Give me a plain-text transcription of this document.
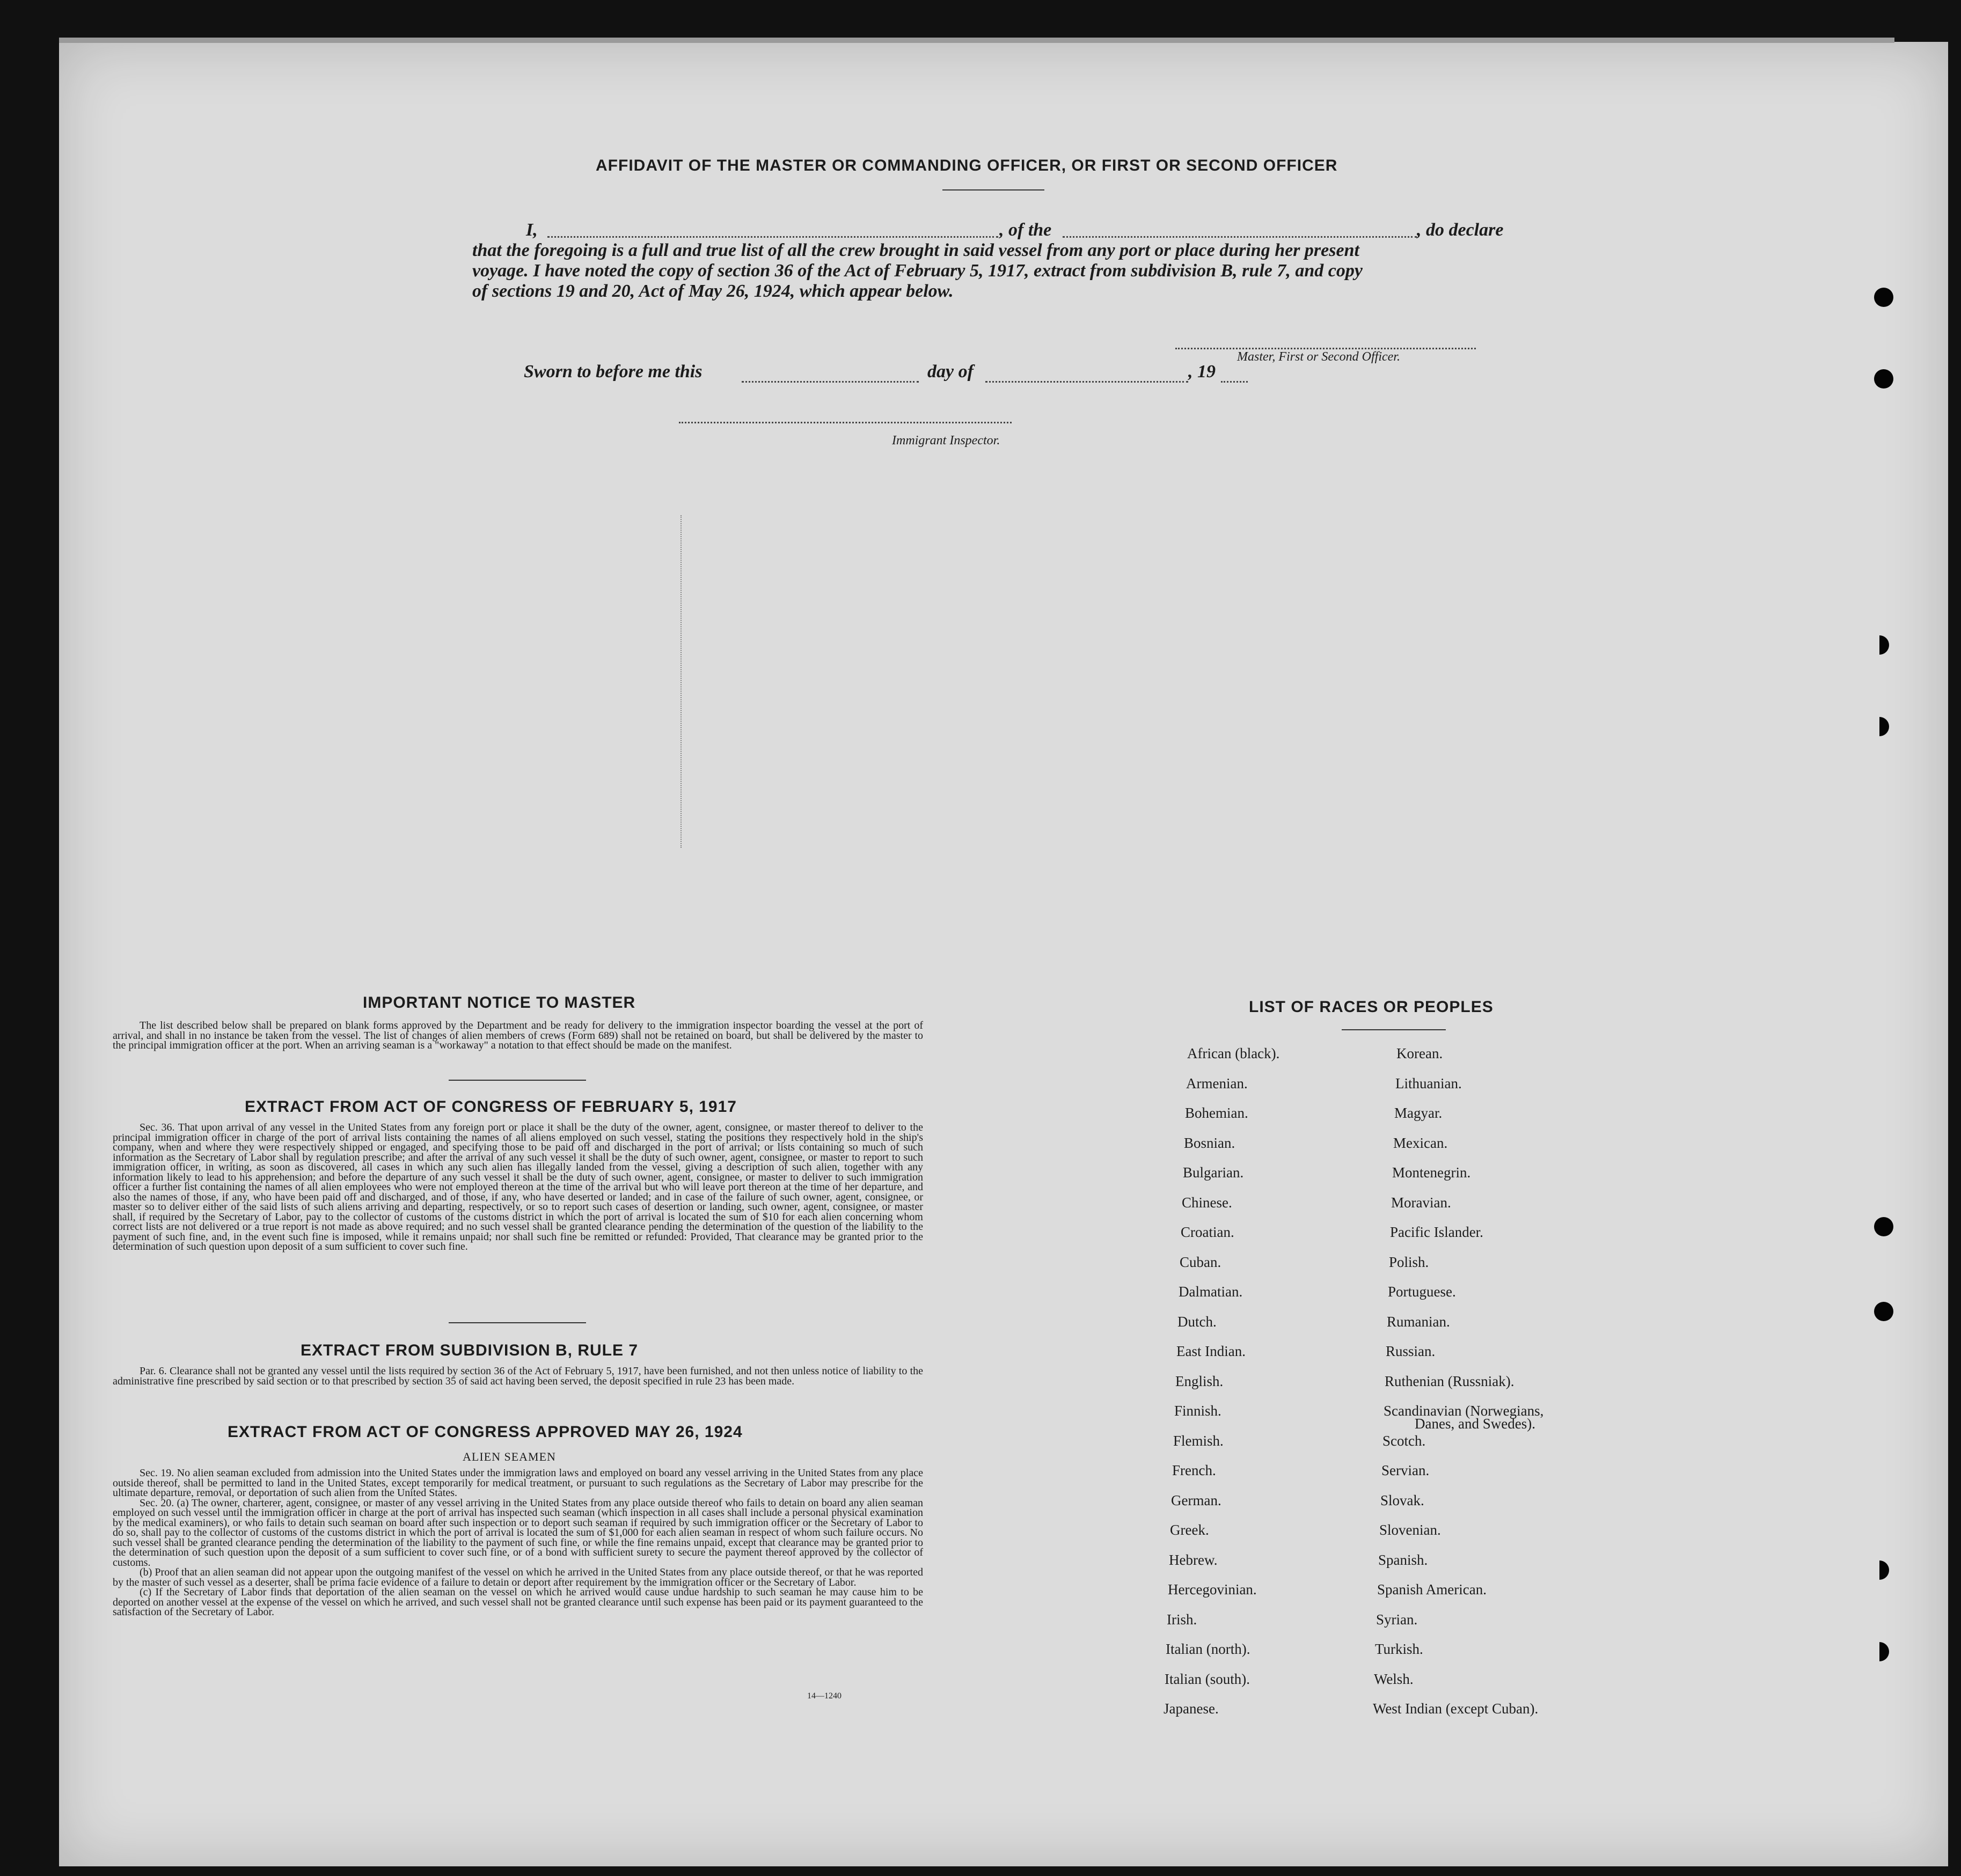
AFFIDAVIT OF THE MASTER OR COMMANDING OFFICER, OR FIRST OR SECOND OFFICER
I,	, of the	, do declare
that the foregoing is a full and true list of all the crew brought in said vessel from any port or place during her present
voyage. I have noted the copy of section 36 of the Act of February 5, 1917, extract from subdivision B, rule 7, and copy
of sections 19 and 20, Act of May 26, 1924, which appear below.
Master, First or Second Officer.
Sworn to before me this	day of	, 19
Immigrant Inspector.
IMPORTANT NOTICE TO MASTER
The list described below shall be prepared on blank forms approved by the Department and be ready for delivery to the immigration inspector boarding the vessel at the port of arrival, and shall in no instance be taken from the vessel. The list of changes of alien members of crews (Form 689) shall not be retained on board, but shall be delivered by the master to the principal immigration officer at the port. When an arriving seaman is a "workaway" a notation to that effect should be made on the manifest.
EXTRACT FROM ACT OF CONGRESS OF FEBRUARY 5, 1917
Sec. 36. That upon arrival of any vessel in the United States from any foreign port or place it shall be the duty of the owner, agent, consignee, or master thereof to deliver to the principal immigration officer in charge of the port of arrival lists containing the names of all aliens employed on such vessel, stating the positions they respectively hold in the ship's company, when and where they were respectively shipped or engaged, and specifying those to be paid off and discharged in the port of arrival; or lists containing so much of such information as the Secretary of Labor shall by regulation prescribe; and after the arrival of any such vessel it shall be the duty of such owner, agent, consignee, or master to report to such immigration officer, in writing, as soon as discovered, all cases in which any such alien has illegally landed from the vessel, giving a description of such alien, together with any information likely to lead to his apprehension; and before the departure of any such vessel it shall be the duty of such owner, agent, consignee, or master to deliver to such immigration officer a further list containing the names of all alien employees who were not employed thereon at the time of the arrival but who will leave port thereon at the time of her departure, and also the names of those, if any, who have been paid off and discharged, and of those, if any, who have deserted or landed; and in case of the failure of such owner, agent, consignee, or master so to deliver either of the said lists of such aliens arriving and departing, respectively, or so to report such cases of desertion or landing, such owner, agent, consignee, or master shall, if required by the Secretary of Labor, pay to the collector of customs of the customs district in which the port of arrival is located the sum of $10 for each alien concerning whom correct lists are not delivered or a true report is not made as above required; and no such vessel shall be granted clearance pending the determination of the question of the liability to the payment of such fine, and, in the event such fine is imposed, while it remains unpaid; nor shall such fine be remitted or refunded: Provided, That clearance may be granted prior to the determination of such question upon deposit of a sum sufficient to cover such fine.
EXTRACT FROM SUBDIVISION B, RULE 7
Par. 6. Clearance shall not be granted any vessel until the lists required by section 36 of the Act of February 5, 1917, have been furnished, and not then unless notice of liability to the administrative fine prescribed by said section or to that prescribed by section 35 of said act having been served, the deposit specified in rule 23 has been made.
EXTRACT FROM ACT OF CONGRESS APPROVED MAY 26, 1924
ALIEN SEAMEN
Sec. 19. No alien seaman excluded from admission into the United States under the immigration laws and employed on board any vessel arriving in the United States from any place outside thereof, shall be permitted to land in the United States, except temporarily for medical treatment, or pursuant to such regulations as the Secretary of Labor may prescribe for the ultimate departure, removal, or deportation of such alien from the United States.
Sec. 20. (a) The owner, charterer, agent, consignee, or master of any vessel arriving in the United States from any place outside thereof who fails to detain on board any alien seaman employed on such vessel until the immigration officer in charge at the port of arrival has inspected such seaman (which inspection in all cases shall include a personal physical examination by the medical examiners), or who fails to detain such seaman on board after such inspection or to deport such seaman if required by such immigration officer or the Secretary of Labor to do so, shall pay to the collector of customs of the customs district in which the port of arrival is located the sum of $1,000 for each alien seaman in respect of whom such failure occurs. No such vessel shall be granted clearance pending the determination of the liability to the payment of such fine, or while the fine remains unpaid, except that clearance may be granted prior to the determination of such question upon the deposit of a sum sufficient to cover such fine, or of a bond with sufficient surety to secure the payment thereof approved by the collector of customs.
(b) Proof that an alien seaman did not appear upon the outgoing manifest of the vessel on which he arrived in the United States from any place outside thereof, or that he was reported by the master of such vessel as a deserter, shall be prima facie evidence of a failure to detain or deport after requirement by the immigration officer or the Secretary of Labor.
(c) If the Secretary of Labor finds that deportation of the alien seaman on the vessel on which he arrived would cause undue hardship to such seaman he may cause him to be deported on another vessel at the expense of the vessel on which he arrived, and such vessel shall not be granted clearance until such expense has been paid or its payment guaranteed to the satisfaction of the Secretary of Labor.
14—1240
LIST OF RACES OR PEOPLES
African (black).
Armenian.
Bohemian.
Bosnian.
Bulgarian.
Chinese.
Croatian.
Cuban.
Dalmatian.
Dutch.
East Indian.
English.
Finnish.
Flemish.
French.
German.
Greek.
Hebrew.
Hercegovinian.
Irish.
Italian (north).
Italian (south).
Japanese.
Korean.
Lithuanian.
Magyar.
Mexican.
Montenegrin.
Moravian.
Pacific Islander.
Polish.
Portuguese.
Rumanian.
Russian.
Ruthenian (Russniak).
Scandinavian (Norwegians,
Danes, and Swedes).
Scotch.
Servian.
Slovak.
Slovenian.
Spanish.
Spanish American.
Syrian.
Turkish.
Welsh.
West Indian (except Cuban).
